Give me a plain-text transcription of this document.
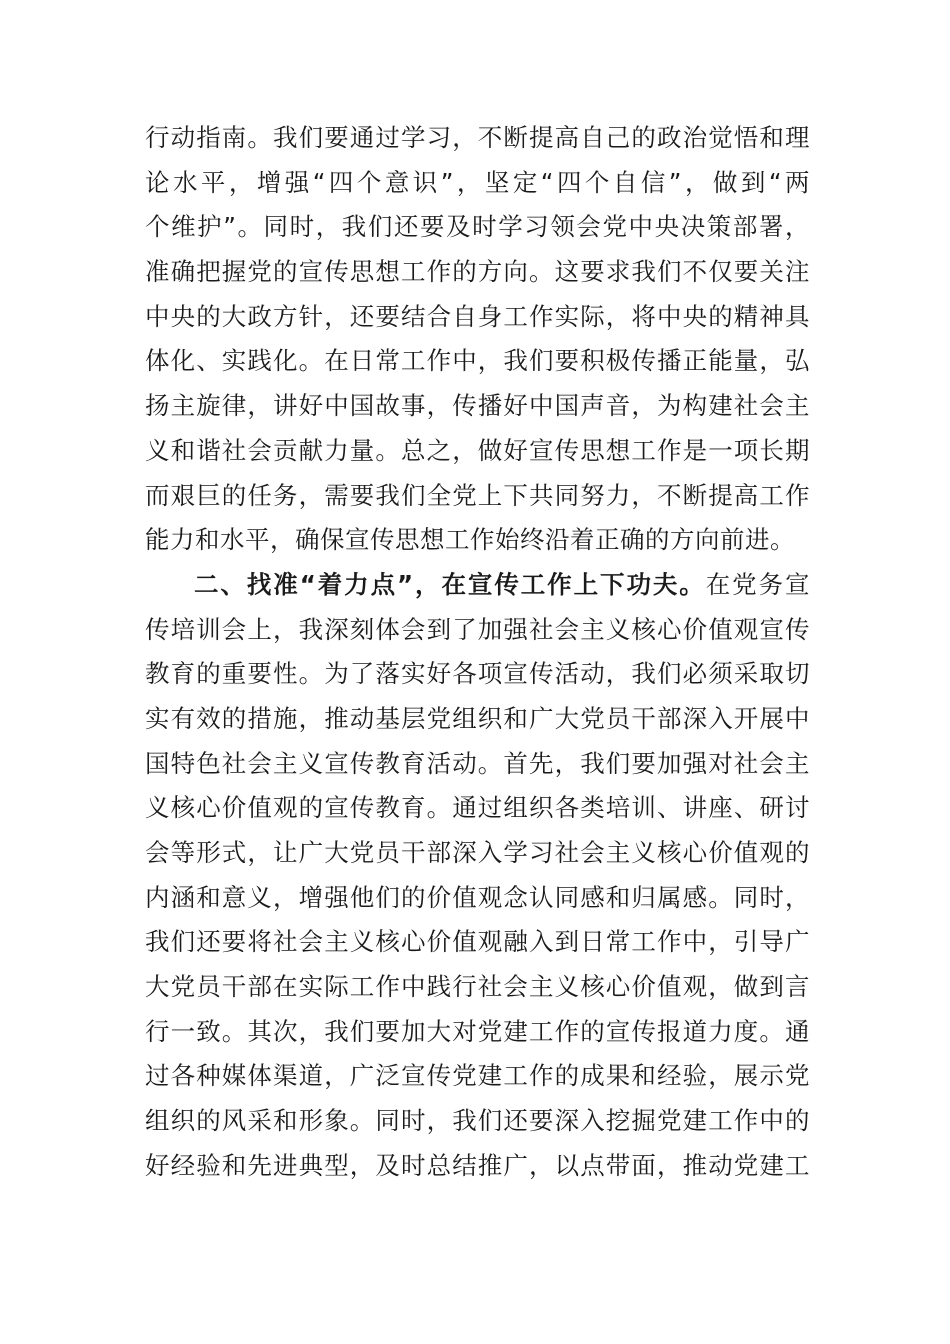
行动指南。我们要通过学习，不断提高自己的政治觉悟和理
论水平，增强“四个意识”，坚定“四个自信”，做到“两
个维护”。同时，我们还要及时学习领会党中央决策部署，
准确把握党的宣传思想工作的方向。这要求我们不仅要关注
中央的大政方针，还要结合自身工作实际，将中央的精神具
体化、实践化。在日常工作中，我们要积极传播正能量，弘
扬主旋律，讲好中国故事，传播好中国声音，为构建社会主
义和谐社会贡献力量。总之，做好宣传思想工作是一项长期
而艰巨的任务，需要我们全党上下共同努力，不断提高工作
能力和水平，确保宣传思想工作始终沿着正确的方向前进。
二、找准“着力点”，在宣传工作上下功夫。在党务宣
传培训会上，我深刻体会到了加强社会主义核心价值观宣传
教育的重要性。为了落实好各项宣传活动，我们必须采取切
实有效的措施，推动基层党组织和广大党员干部深入开展中
国特色社会主义宣传教育活动。首先，我们要加强对社会主
义核心价值观的宣传教育。通过组织各类培训、讲座、研讨
会等形式，让广大党员干部深入学习社会主义核心价值观的
内涵和意义，增强他们的价值观念认同感和归属感。同时，
我们还要将社会主义核心价值观融入到日常工作中，引导广
大党员干部在实际工作中践行社会主义核心价值观，做到言
行一致。其次，我们要加大对党建工作的宣传报道力度。通
过各种媒体渠道，广泛宣传党建工作的成果和经验，展示党
组织的风采和形象。同时，我们还要深入挖掘党建工作中的
好经验和先进典型，及时总结推广，以点带面，推动党建工
